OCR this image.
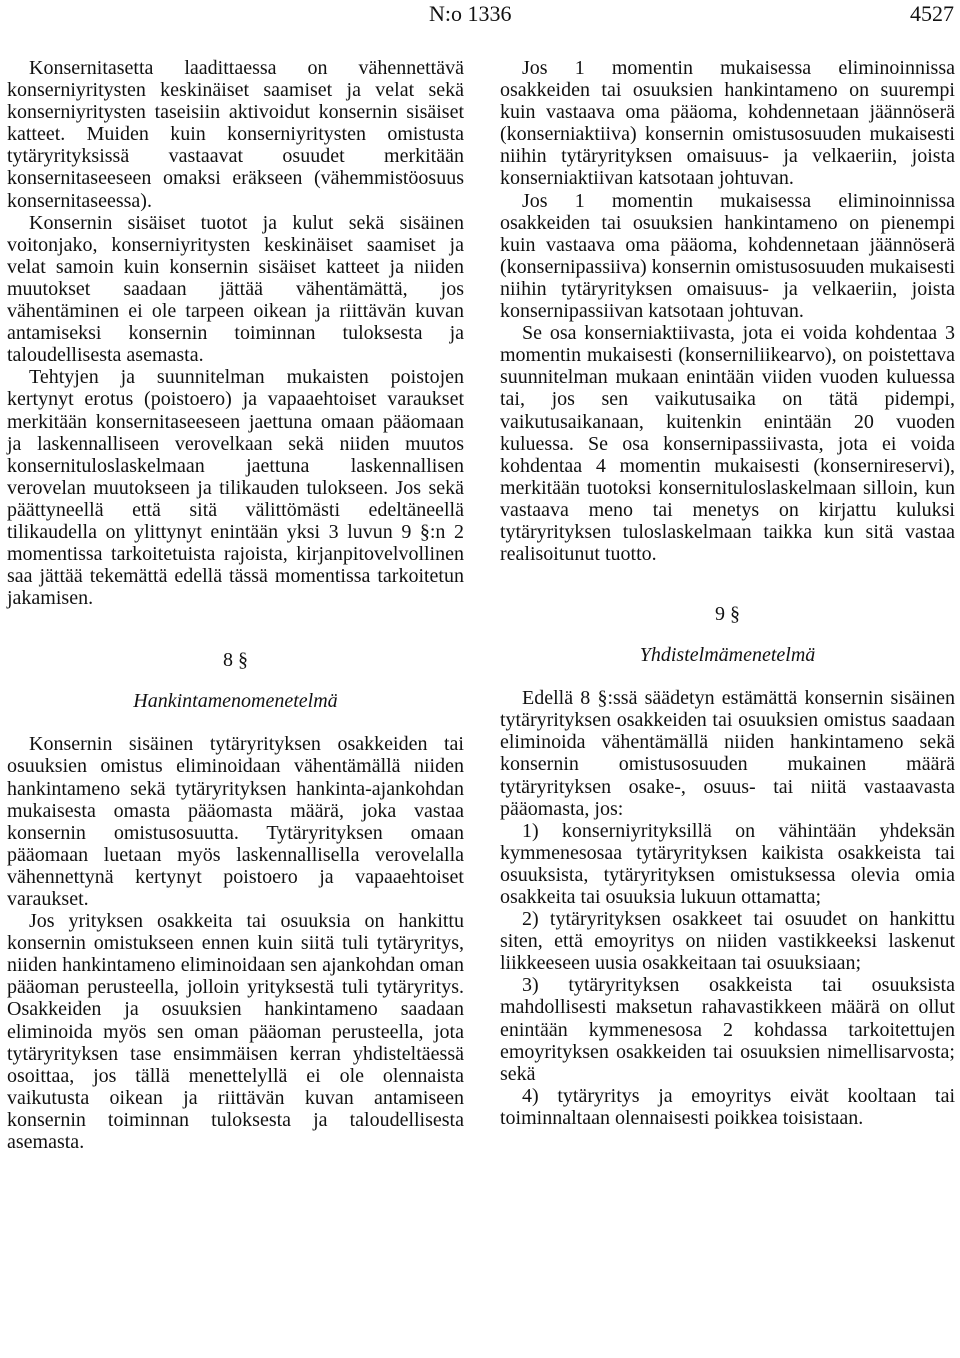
N:o 1336	4527

Konsernitasetta laadittaessa on vähennettävä konserniyritysten keskinäiset saamiset ja velat sekä konserniyritysten taseisiin aktivoidut konsernin sisäiset katteet. Muiden kuin konserniyritysten omistusta tytäryrityksissä vastaavat osuudet merkitään konsernitaseeseen omaksi eräkseen (vähemmistöosuus konsernitaseessa).

Konsernin sisäiset tuotot ja kulut sekä sisäinen voitonjako, konserniyritysten keskinäiset saamiset ja velat samoin kuin konsernin sisäiset katteet ja niiden muutokset saadaan jättää vähentämättä, jos vähentäminen ei ole tarpeen oikean ja riittävän kuvan antamiseksi konsernin toiminnan tuloksesta ja taloudellisesta asemasta.

Tehtyjen ja suunnitelman mukaisten poistojen kertynyt erotus (poistoero) ja vapaaehtoiset varaukset merkitään konsernitaseeseen jaettuna omaan pääomaan ja laskennalliseen verovelkaan sekä niiden muutos konsernituloslaskelmaan jaettuna laskennallisen verovelan muutokseen ja tilikauden tulokseen. Jos sekä päättyneellä että sitä välittömästi edeltäneellä tilikaudella on ylittynyt enintään yksi 3 luvun 9 §:n 2 momentissa tarkoitetuista rajoista, kirjanpitovelvollinen saa jättää tekemättä edellä tässä momentissa tarkoitetun jakamisen.

8 §
Hankintamenomenetelmä

Konsernin sisäinen tytäryrityksen osakkeiden tai osuuksien omistus eliminoidaan vähentämällä niiden hankintameno sekä tytäryrityksen hankinta-ajankohdan mukaisesta omasta pääomasta määrä, joka vastaa konsernin omistusosuutta. Tytäryrityksen omaan pääomaan luetaan myös laskennallisella verovelalla vähennettynä kertynyt poistoero ja vapaaehtoiset varaukset.

Jos yrityksen osakkeita tai osuuksia on hankittu konsernin omistukseen ennen kuin siitä tuli tytäryritys, niiden hankintameno eliminoidaan sen ajankohdan oman pääoman perusteella, jolloin yrityksestä tuli tytäryritys. Osakkeiden ja osuuksien hankintameno saadaan eliminoida myös sen oman pääoman perusteella, jota tytäryrityksen tase ensimmäisen kerran yhdisteltäessä osoittaa, jos tällä menettelyllä ei ole olennaista vaikutusta oikean ja riittävän kuvan antamiseen konsernin toiminnan tuloksesta ja taloudellisesta asemasta.

Jos 1 momentin mukaisessa eliminoinnissa osakkeiden tai osuuksien hankintameno on suurempi kuin vastaava oma pääoma, kohdennetaan jäännöserä (konserniaktiiva) konsernin omistusosuuden mukaisesti niihin tytäryrityksen omaisuus- ja velkaeriin, joista konserniaktiivan katsotaan johtuvan.

Jos 1 momentin mukaisessa eliminoinnissa osakkeiden tai osuuksien hankintameno on pienempi kuin vastaava oma pääoma, kohdennetaan jäännöserä (konsernipassiiva) konsernin omistusosuuden mukaisesti niihin tytäryrityksen omaisuus- ja velkaeriin, joista konsernipassiivan katsotaan johtuvan.

Se osa konserniaktiivasta, jota ei voida kohdentaa 3 momentin mukaisesti (konserniliikearvo), on poistettava suunnitelman mukaan enintään viiden vuoden kuluessa tai, jos sen vaikutusaika on tätä pidempi, vaikutusaikanaan, kuitenkin enintään 20 vuoden kuluessa. Se osa konsernipassiivasta, jota ei voida kohdentaa 4 momentin mukaisesti (konsernireservi), merkitään tuotoksi konsernituloslaskelmaan silloin, kun vastaava meno tai menetys on kirjattu kuluksi tytäryrityksen tuloslaskelmaan taikka kun sitä vastaa realisoitunut tuotto.

9 §
Yhdistelmämenetelmä

Edellä 8 §:ssä säädetyn estämättä konsernin sisäinen tytäryrityksen osakkeiden tai osuuksien omistus saadaan eliminoida vähentämällä niiden hankintameno sekä konsernin omistusosuuden mukainen määrä tytäryrityksen osake-, osuus- tai niitä vastaavasta pääomasta, jos:

1) konserniyrityksillä on vähintään yhdeksän kymmenesosaa tytäryrityksen kaikista osakkeista tai osuuksista, tytäryrityksen omistuksessa olevia omia osakkeita tai osuuksia lukuun ottamatta;

2) tytäryrityksen osakkeet tai osuudet on hankittu siten, että emoyritys on niiden vastikkeeksi laskenut liikkeeseen uusia osakkeitaan tai osuuksiaan;

3) tytäryrityksen osakkeista tai osuuksista mahdollisesti maksetun rahavastikkeen määrä on ollut enintään kymmenesosa 2 kohdassa tarkoitettujen emoyrityksen osakkeiden tai osuuksien nimellisarvosta; sekä

4) tytäryritys ja emoyritys eivät kooltaan tai toiminnaltaan olennaisesti poikkea toisistaan.
